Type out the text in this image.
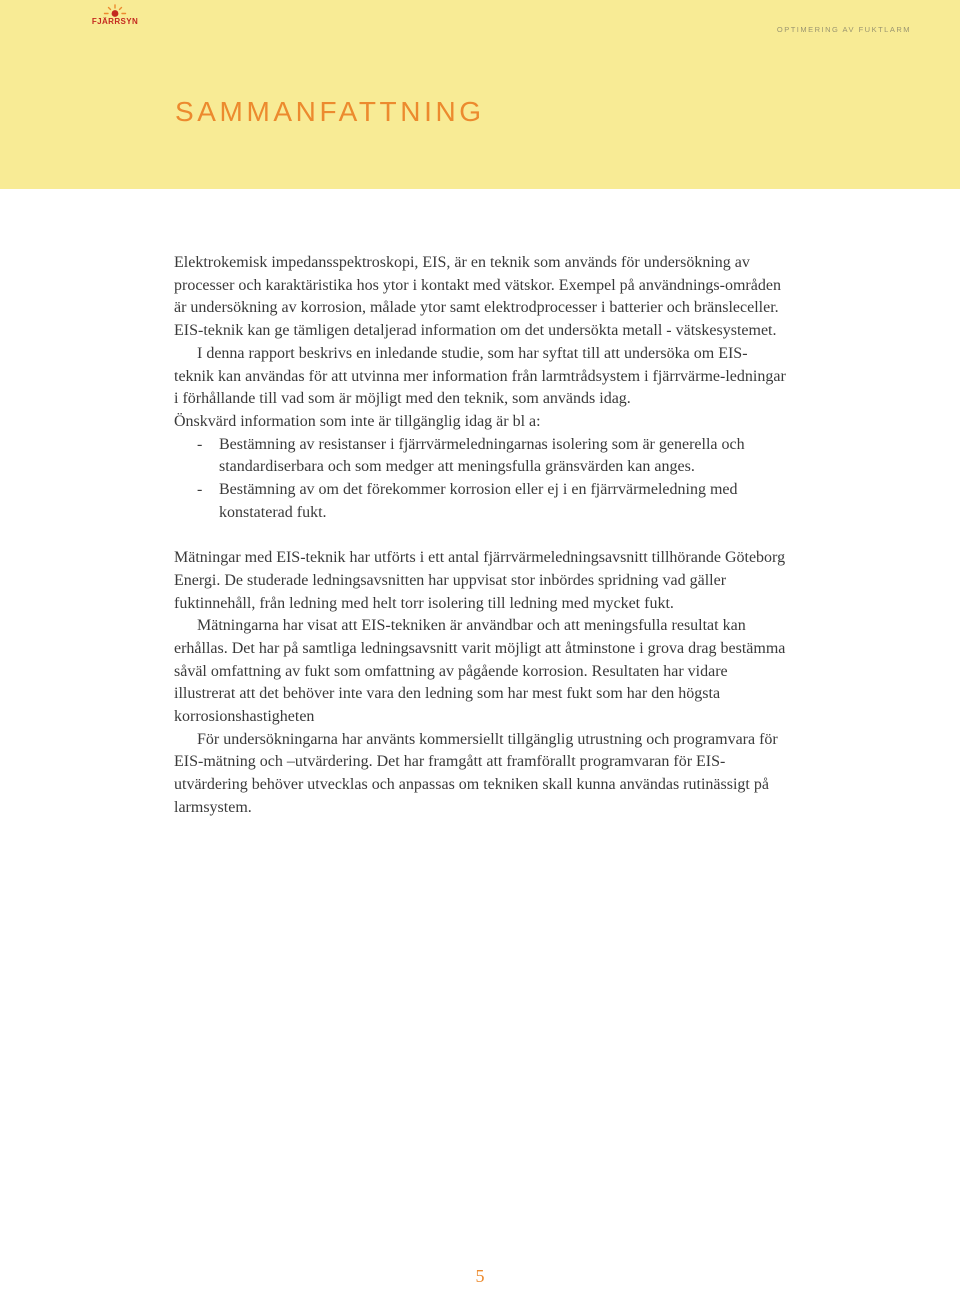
FJÄRRSYN
OPTIMERING AV FUKTLARM
SAMMANFATTNING

Elektrokemisk impedansspektroskopi, EIS, är en teknik som används för undersökning av processer och karaktäristika hos ytor i kontakt med vätskor. Exempel på användnings-områden är undersökning av korrosion, målade ytor samt elektrodprocesser i batterier och bränsleceller. EIS-teknik kan ge tämligen detaljerad information om det undersökta metall - vätskesystemet.

I denna rapport beskrivs en inledande studie, som har syftat till att undersöka om EIS-teknik kan användas för att utvinna mer information från larmtrådsystem i fjärrvärme-ledningar i förhållande till vad som är möjligt med den teknik, som används idag.

Önskvärd information som inte är tillgänglig idag är bl a:

- Bestämning av resistanser i fjärrvärmeledningarnas isolering som är generella och standardiserbara och som medger att meningsfulla gränsvärden kan anges.
- Bestämning av om det förekommer korrosion eller ej i en fjärrvärmeledning med konstaterad fukt.

Mätningar med EIS-teknik har utförts i ett antal fjärrvärmeledningsavsnitt tillhörande Göteborg Energi. De studerade ledningsavsnitten har uppvisat stor inbördes spridning vad gäller fuktinnehåll, från ledning med helt torr isolering till ledning med mycket fukt.

Mätningarna har visat att EIS-tekniken är användbar och att meningsfulla resultat kan erhållas. Det har på samtliga ledningsavsnitt varit möjligt att åtminstone i grova drag bestämma såväl omfattning av fukt som omfattning av pågående korrosion. Resultaten har vidare illustrerat att det behöver inte vara den ledning som har mest fukt som har den högsta korrosionshastigheten

För undersökningarna har använts kommersiellt tillgänglig utrustning och programvara för EIS-mätning och –utvärdering. Det har framgått att framförallt programvaran för EIS-utvärdering behöver utvecklas och anpassas om tekniken skall kunna användas rutinässigt på larmsystem.

5
